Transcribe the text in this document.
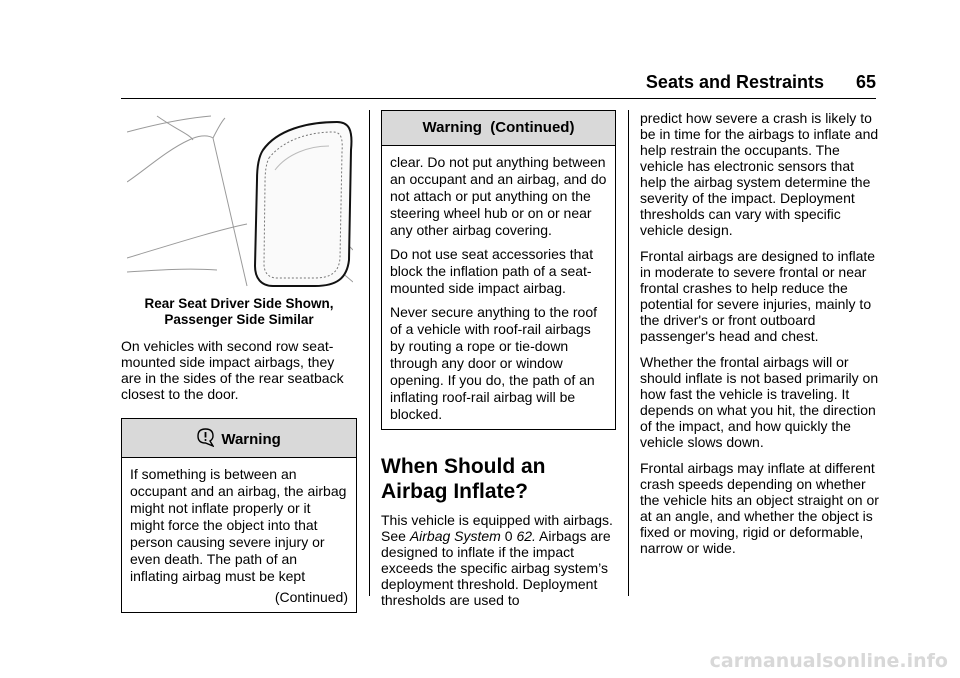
Seats and Restraints 65
Rear Seat Driver Side Shown,
Passenger Side Similar

On vehicles with second row seat-mounted side impact airbags, they are in the sides of the rear seatback closest to the door.

Warning

If something is between an occupant and an airbag, the airbag might not inflate properly or it might force the object into that person causing severe injury or even death. The path of an inflating airbag must be kept

(Continued)
Warning  (Continued)

clear. Do not put anything between an occupant and an airbag, and do not attach or put anything on the steering wheel hub or on or near any other airbag covering.

Do not use seat accessories that block the inflation path of a seat-mounted side impact airbag.

Never secure anything to the roof of a vehicle with roof-rail airbags by routing a rope or tie-down through any door or window opening. If you do, the path of an inflating roof-rail airbag will be blocked.

When Should an Airbag Inflate?

This vehicle is equipped with airbags. See Airbag System 0 62. Airbags are designed to inflate if the impact exceeds the specific airbag system’s deployment threshold. Deployment thresholds are used to

predict how severe a crash is likely to be in time for the airbags to inflate and help restrain the occupants. The vehicle has electronic sensors that help the airbag system determine the severity of the impact. Deployment thresholds can vary with specific vehicle design.

Frontal airbags are designed to inflate in moderate to severe frontal or near frontal crashes to help reduce the potential for severe injuries, mainly to the driver's or front outboard passenger's head and chest.

Whether the frontal airbags will or should inflate is not based primarily on how fast the vehicle is traveling. It depends on what you hit, the direction of the impact, and how quickly the vehicle slows down.

Frontal airbags may inflate at different crash speeds depending on whether the vehicle hits an object straight on or at an angle, and whether the object is fixed or moving, rigid or deformable, narrow or wide.

carmanualsonline.info
